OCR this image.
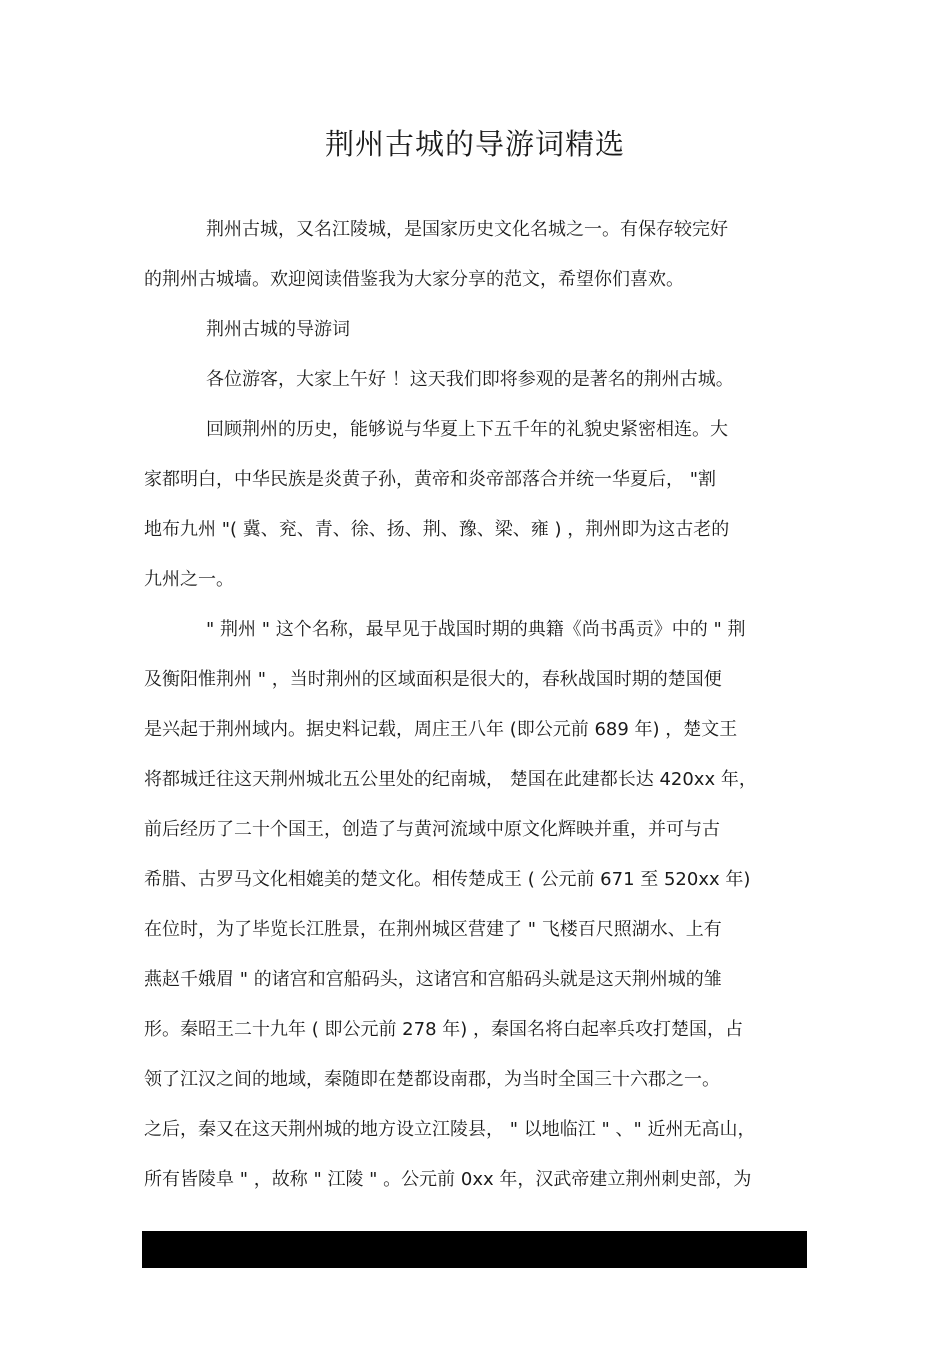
荆州古城的导游词精选
荆州古城，又名江陵城，是国家历史文化名城之一。有保存较完好
的荆州古城墙。欢迎阅读借鉴我为大家分享的范文，希望你们喜欢。
荆州古城的导游词
各位游客，大家上午好 ！这天我们即将参观的是著名的荆州古城。
回顾荆州的历史，能够说与华夏上下五千年的礼貌史紧密相连。大
家都明白，中华民族是炎黄子孙，黄帝和炎帝部落合并统一华夏后， "割
地布九州 "( 冀、兖、青、徐、扬、荆、豫、梁、雍 ) ，荆州即为这古老的
九州之一。
" 荆州 " 这个名称，最早见于战国时期的典籍《尚书禹贡》中的 " 荆
及衡阳惟荆州 " ，当时荆州的区域面积是很大的，春秋战国时期的楚国便
是兴起于荆州域内。据史料记载，周庄王八年 (即公元前 689 年) ，楚文王
将都城迁往这天荆州城北五公里处的纪南城， 楚国在此建都长达 420xx 年，
前后经历了二十个国王，创造了与黄河流域中原文化辉映并重，并可与古
希腊、古罗马文化相媲美的楚文化。相传楚成王 ( 公元前 671 至 520xx 年)
在位时，为了毕览长江胜景，在荆州城区营建了 " 飞楼百尺照湖水、上有
燕赵千娥眉 " 的诸宫和宫船码头，这诸宫和宫船码头就是这天荆州城的雏
形。秦昭王二十九年 ( 即公元前 278 年) ，秦国名将白起率兵攻打楚国，占
领了江汉之间的地域，秦随即在楚都设南郡，为当时全国三十六郡之一。
之后，秦又在这天荆州城的地方设立江陵县， " 以地临江 " 、" 近州无高山，
所有皆陵阜 " ，故称 " 江陵 " 。公元前 0xx 年，汉武帝建立荆州刺史部，为
